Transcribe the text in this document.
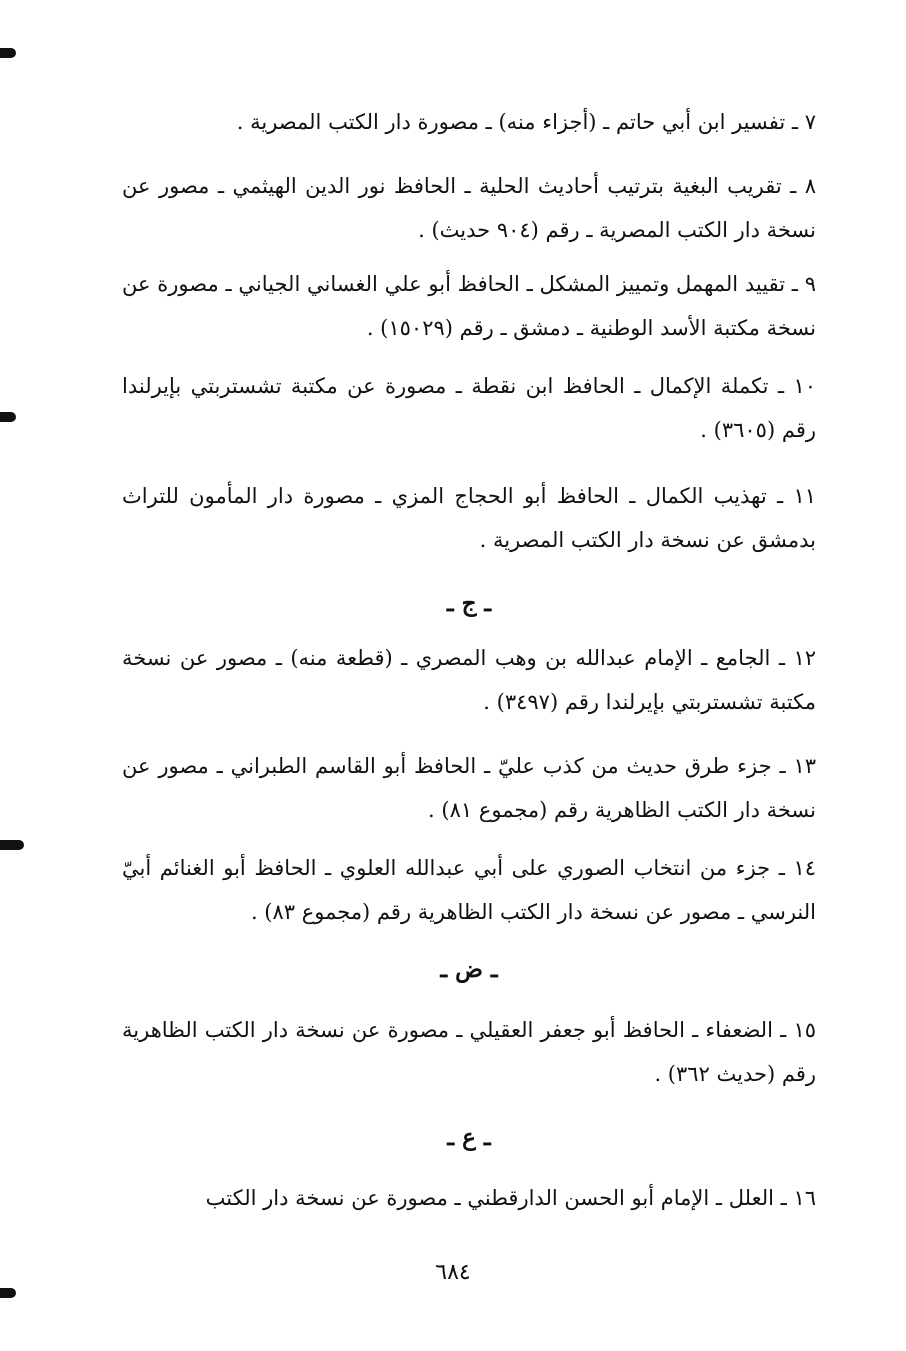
٧ ـ تفسير ابن أبي حاتم ـ (أجزاء منه) ـ مصورة دار الكتب المصرية .

٨ ـ تقريب البغية بترتيب أحاديث الحلية ـ الحافظ نور الدين الهيثمي ـ مصور عن نسخة دار الكتب المصرية ـ رقم (٩٠٤ حديث) .

٩ ـ تقييد المهمل وتمييز المشكل ـ الحافظ أبو علي الغساني الجياني ـ مصورة عن نسخة مكتبة الأسد الوطنية ـ دمشق ـ رقم (١٥٠٢٩) .

١٠ ـ تكملة الإكمال ـ الحافظ ابن نقطة ـ مصورة عن مكتبة تشستربتي بإيرلندا رقم (٣٦٠٥) .

١١ ـ تهذيب الكمال ـ الحافظ أبو الحجاج المزي ـ مصورة دار المأمون للتراث بدمشق عن نسخة دار الكتب المصرية .

ـ ج ـ

١٢ ـ الجامع ـ الإمام عبدالله بن وهب المصري ـ (قطعة منه) ـ مصور عن نسخة مكتبة تشستربتي بإيرلندا رقم (٣٤٩٧) .

١٣ ـ جزء طرق حديث من كذب عليّ ـ الحافظ أبو القاسم الطبراني ـ مصور عن نسخة دار الكتب الظاهرية رقم (مجموع ٨١) .

١٤ ـ جزء من انتخاب الصوري على أبي عبدالله العلوي ـ الحافظ أبو الغنائم أبيّ النرسي ـ مصور عن نسخة دار الكتب الظاهرية رقم (مجموع ٨٣) .

ـ ض ـ

١٥ ـ الضعفاء ـ الحافظ أبو جعفر العقيلي ـ مصورة عن نسخة دار الكتب الظاهرية رقم (حديث ٣٦٢) .

ـ ع ـ

١٦ ـ العلل ـ الإمام أبو الحسن الدارقطني ـ مصورة عن نسخة دار الكتب

٦٨٤
